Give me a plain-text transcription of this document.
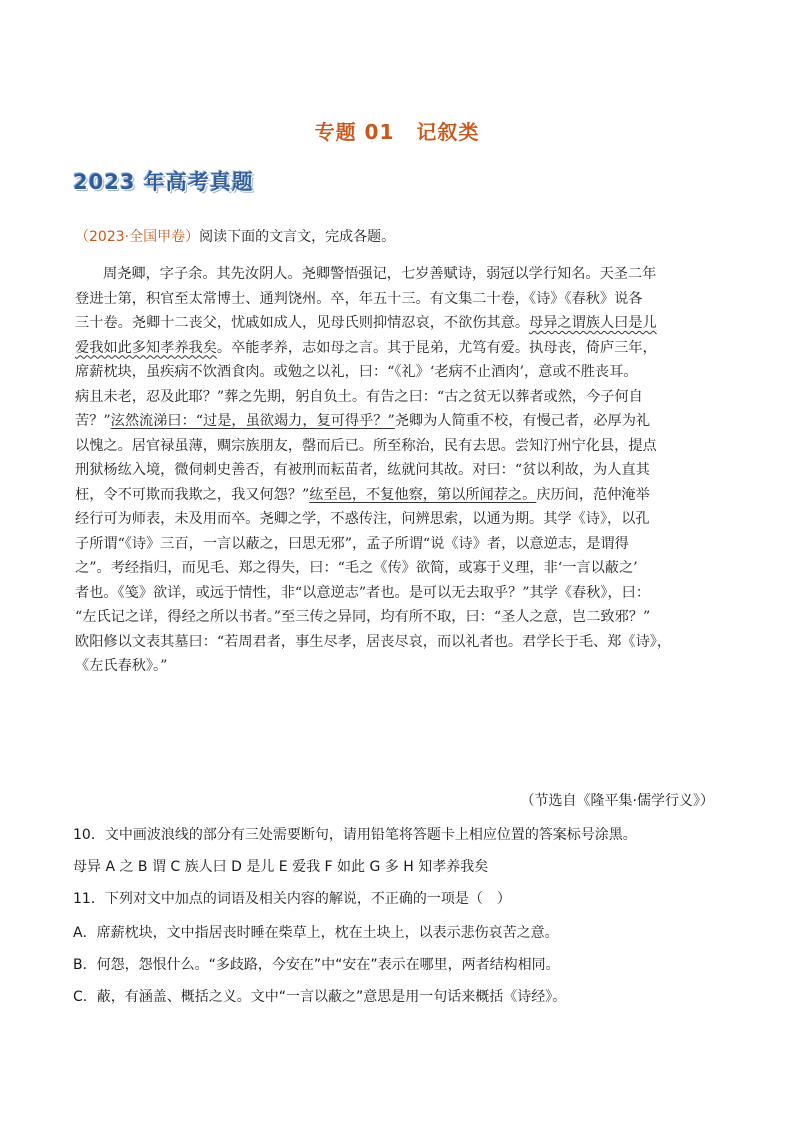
专题 01 记叙类
2023 年高考真题
（2023·全国甲卷）阅读下面的文言文，完成各题。
周尧卿，字子余。其先汝阴人。尧卿警悟强记，七岁善赋诗，弱冠以学行知名。天圣二年
登进士第，积官至太常博士、通判饶州。卒，年五十三。有文集二十卷，《诗》《春秋》说各
三十卷。尧卿十二丧父，忧戚如成人，见母氏则抑情忍哀，不欲伤其意。母异之谓族人曰是儿
爱我如此多知孝养我矣。卒能孝养，志如母之言。其于昆弟，尤笃有爱。执母丧，倚庐三年，
席薪枕块，虽疾病不饮酒食肉。或勉之以礼，曰：“《礼》‘老病不止酒肉’，意或不胜丧耳。
病且未老，忍及此耶？”葬之先期，躬自负土。有告之曰：“古之贫无以葬者或然，今子何自
苦？”泫然流涕曰：“过是，虽欲竭力，复可得乎？”尧卿为人简重不校，有慢己者，必厚为礼
以愧之。居官禄虽薄，赒宗族朋友，罄而后已。所至称治，民有去思。尝知汀州宁化县，提点
刑狱杨纮入境，微伺刺史善否，有被刑而耘苗者，纮就问其故。对曰：“贫以利故，为人直其
枉，令不可欺而我欺之，我又何怨？”纮至邑，不复他察，第以所闻荐之。庆历间，范仲淹举
经行可为师表，未及用而卒。尧卿之学，不惑传注，问辨思索，以通为期。其学《诗》，以孔
子所谓“《诗》三百，一言以蔽之，曰思无邪”，孟子所谓“说《诗》者，以意逆志，是谓得
之”。考经指归，而见毛、郑之得失，曰：“毛之《传》欲简，或寡于义理，非‘一言以蔽之’
者也。《笺》欲详，或远于情性，非“以意逆志”者也。是可以无去取乎？”其学《春秋》，曰：
“左氏记之详，得经之所以书者。”至三传之异同，均有所不取，曰：“圣人之意，岂二致邪？”
欧阳修以文表其墓曰：“若周君者，事生尽孝，居丧尽哀，而以礼者也。君学长于毛、郑《诗》，
《左氏春秋》。”
（节选自《隆平集·儒学行义》）
10．文中画波浪线的部分有三处需要断句，请用铅笔将答题卡上相应位置的答案标号涂黑。
母异 A 之 B 谓 C 族人曰 D 是儿 E 爱我 F 如此 G 多 H 知孝养我矣
11．下列对文中加点的词语及相关内容的解说，不正确的一项是（　）
A．席薪枕块，文中指居丧时睡在柴草上，枕在土块上，以表示悲伤哀苦之意。
B．何怨，怨恨什么。“多歧路，今安在”中“安在”表示在哪里，两者结构相同。
C．蔽，有涵盖、概括之义。文中“一言以蔽之”意思是用一句话来概括《诗经》。
